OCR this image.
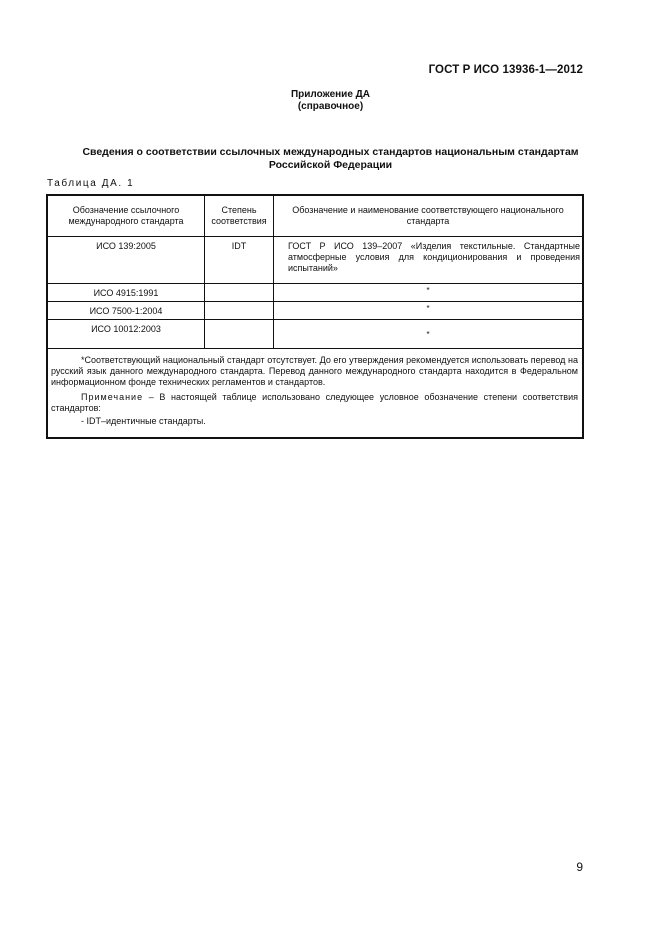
ГОСТ Р ИСО 13936-1—2012
Приложение ДА
(справочное)
Сведения о соответствии ссылочных международных стандартов национальным стандартам
Российской Федерации
Таблица ДА. 1
Обозначение ссылочного международного стандарта	Степень соответствия	Обозначение и наименование соответствующего национального стандарта
ИСО 139:2005	IDT	ГОСТ Р ИСО 139–2007 «Изделия текстильные. Стандартные атмосферные условия для кондиционирования и проведения испытаний»
ИСО 4915:1991		*
ИСО 7500-1:2004		*
ИСО 10012:2003		*

*Соответствующий национальный стандарт отсутствует. До его утверждения рекомендуется использовать перевод на русский язык данного международного стандарта. Перевод данного международного стандарта находится в Федеральном информационном фонде технических регламентов и стандартов.

Примечание – В настоящей таблице использовано следующее условное обозначение степени соответствия стандартов:

- IDT–идентичные стандарты.		

9
